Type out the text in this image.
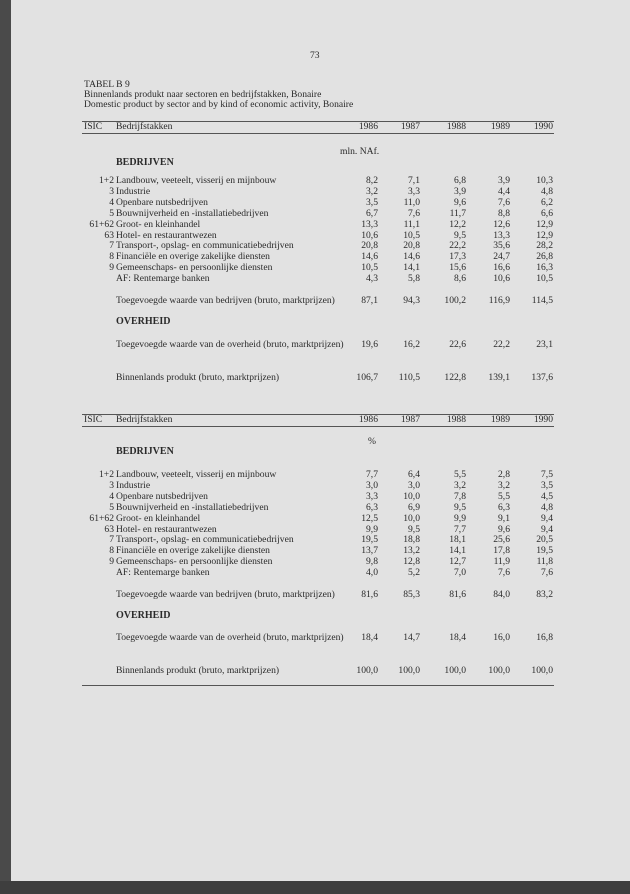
73
TABEL B 9
Binnenlands produkt naar sectoren en bedrijfstakken, Bonaire
Domestic product by sector and by kind of economic activity, Bonaire
ISIC Bedrijfstakken	1986	1987	1988	1989	1990
mln. NAf.
BEDRIJVEN
1+2 Landbouw, veeteelt, visserij en mijnbouw	8,2	7,1	6,8	3,9	10,3
3 Industrie	3,2	3,3	3,9	4,4	4,8
4 Openbare nutsbedrijven	3,5	11,0	9,6	7,6	6,2
5 Bouwnijverheid en -installatiebedrijven	6,7	7,6	11,7	8,8	6,6
61+62 Groot- en kleinhandel	13,3	11,1	12,2	12,6	12,9
63 Hotel- en restaurantwezen	10,6	10,5	9,5	13,3	12,9
7 Transport-, opslag- en communicatiebedrijven	20,8	20,8	22,2	35,6	28,2
8 Financiële en overige zakelijke diensten	14,6	14,6	17,3	24,7	26,8
9 Gemeenschaps- en persoonlijke diensten	10,5	14,1	15,6	16,6	16,3
AF: Rentemarge banken	4,3	5,8	8,6	10,6	10,5
Toegevoegde waarde van bedrijven (bruto, marktprijzen)	87,1	94,3	100,2	116,9	114,5
OVERHEID
Toegevoegde waarde van de overheid (bruto, marktprijzen)	19,6	16,2	22,6	22,2	23,1
Binnenlands produkt (bruto, marktprijzen)	106,7	110,5	122,8	139,1	137,6
ISIC Bedrijfstakken	1986	1987	1988	1989	1990
%
BEDRIJVEN
1+2 Landbouw, veeteelt, visserij en mijnbouw	7,7	6,4	5,5	2,8	7,5
3 Industrie	3,0	3,0	3,2	3,2	3,5
4 Openbare nutsbedrijven	3,3	10,0	7,8	5,5	4,5
5 Bouwnijverheid en -installatiebedrijven	6,3	6,9	9,5	6,3	4,8
61+62 Groot- en kleinhandel	12,5	10,0	9,9	9,1	9,4
63 Hotel- en restaurantwezen	9,9	9,5	7,7	9,6	9,4
7 Transport-, opslag- en communicatiebedrijven	19,5	18,8	18,1	25,6	20,5
8 Financiële en overige zakelijke diensten	13,7	13,2	14,1	17,8	19,5
9 Gemeenschaps- en persoonlijke diensten	9,8	12,8	12,7	11,9	11,8
AF: Rentemarge banken	4,0	5,2	7,0	7,6	7,6
Toegevoegde waarde van bedrijven (bruto, marktprijzen)	81,6	85,3	81,6	84,0	83,2
OVERHEID
Toegevoegde waarde van de overheid (bruto, marktprijzen)	18,4	14,7	18,4	16,0	16,8
Binnenlands produkt (bruto, marktprijzen)	100,0	100,0	100,0	100,0	100,0
